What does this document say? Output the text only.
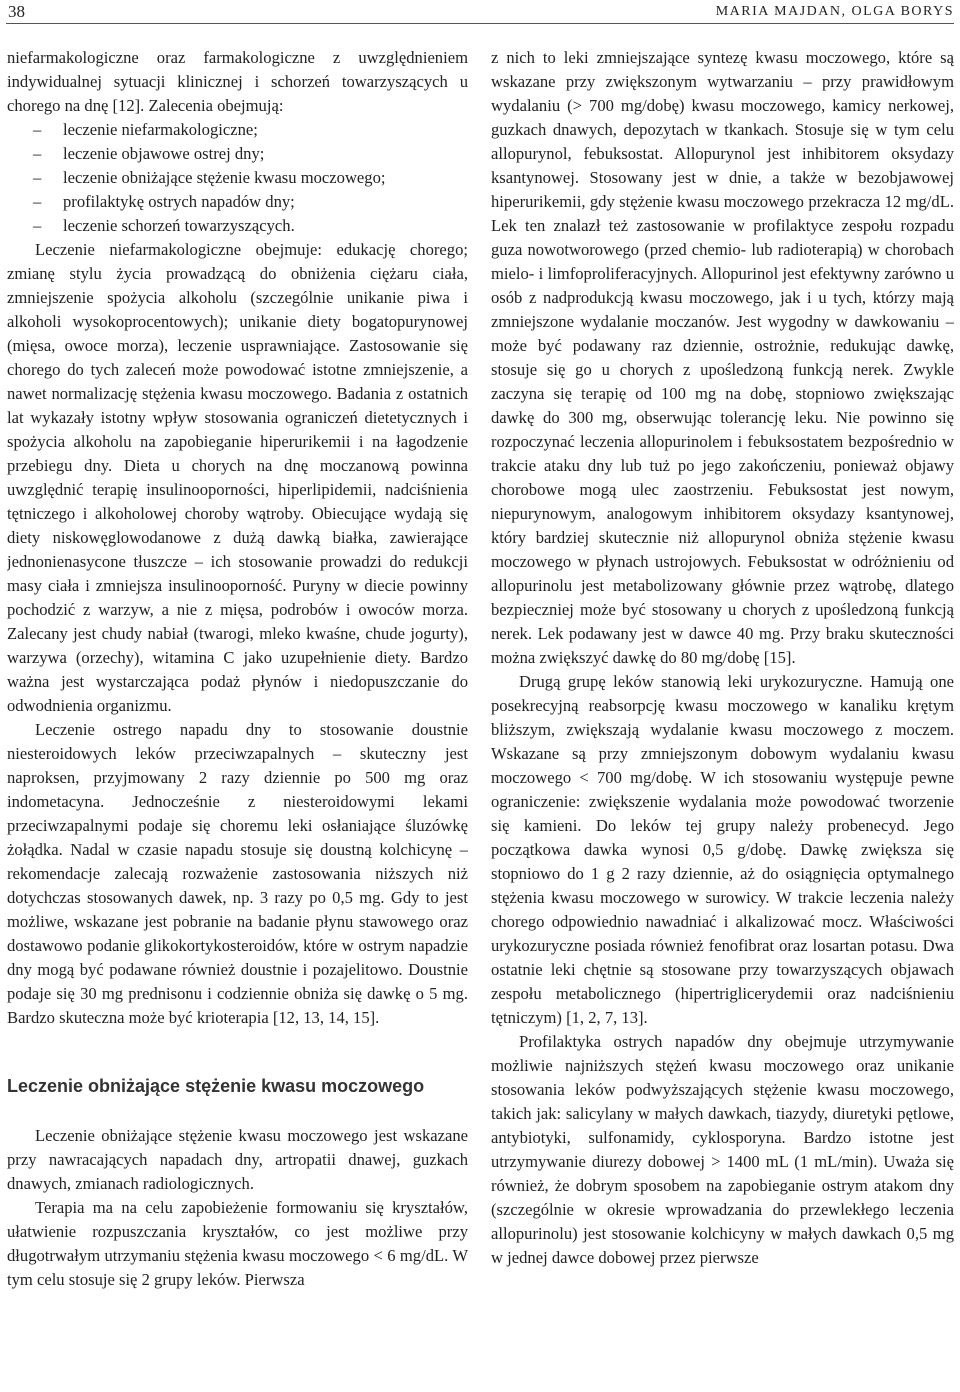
38	MARIA MAJDAN, OLGA BORYS

niefarmakologiczne oraz farmakologiczne z uwzględnieniem indywidualnej sytuacji klinicznej i schorzeń towarzyszących u chorego na dnę [12]. Zalecenia obejmują:

–	leczenie niefarmakologiczne;
–	leczenie objawowe ostrej dny;
–	leczenie obniżające stężenie kwasu moczowego;
–	profilaktykę ostrych napadów dny;
–	leczenie schorzeń towarzyszących.

Leczenie niefarmakologiczne obejmuje: edukację chorego; zmianę stylu życia prowadzącą do obniżenia ciężaru ciała, zmniejszenie spożycia alkoholu (szczególnie unikanie piwa i alkoholi wysokoprocentowych); unikanie diety bogatopurynowej (mięsa, owoce morza), leczenie usprawniające. Zastosowanie się chorego do tych zaleceń może powodować istotne zmniejszenie, a nawet normalizację stężenia kwasu moczowego. Badania z ostatnich lat wykazały istotny wpływ stosowania ograniczeń dietetycznych i spożycia alkoholu na zapobieganie hiperurikemii i na łagodzenie przebiegu dny. Dieta u chorych na dnę moczanową powinna uwzględnić terapię insulinooporności, hiperlipidemii, nadciśnienia tętniczego i alkoholowej choroby wątroby. Obiecujące wydają się diety niskowęglowodanowe z dużą dawką białka, zawierające jednonienasycone tłuszcze – ich stosowanie prowadzi do redukcji masy ciała i zmniejsza insulinooporność. Puryny w diecie powinny pochodzić z warzyw, a nie z mięsa, podrobów i owoców morza. Zalecany jest chudy nabiał (twarogi, mleko kwaśne, chude jogurty), warzywa (orzechy), witamina C jako uzupełnienie diety. Bardzo ważna jest wystarczająca podaż płynów i niedopuszczanie do odwodnienia organizmu.

Leczenie ostrego napadu dny to stosowanie doustnie niesteroidowych leków przeciwzapalnych – skuteczny jest naproksen, przyjmowany 2 razy dziennie po 500 mg oraz indometacyna. Jednocześnie z niesteroidowymi lekami przeciwzapalnymi podaje się choremu leki osłaniające śluzówkę żołądka. Nadal w czasie napadu stosuje się doustną kolchicynę – rekomendacje zalecają rozważenie zastosowania niższych niż dotychczas stosowanych dawek, np. 3 razy po 0,5 mg. Gdy to jest możliwe, wskazane jest pobranie na badanie płynu stawowego oraz dostawowo podanie glikokortykosteroidów, które w ostrym napadzie dny mogą być podawane również doustnie i pozajelitowo. Doustnie podaje się 30 mg prednisonu i codziennie obniża się dawkę o 5 mg. Bardzo skuteczna może być krioterapia [12, 13, 14, 15].

Leczenie obniżające stężenie kwasu moczowego

Leczenie obniżające stężenie kwasu moczowego jest wskazane przy nawracających napadach dny, artropatii dnawej, guzkach dnawych, zmianach radiologicznych.

Terapia ma na celu zapobieżenie formowaniu się kryształów, ułatwienie rozpuszczania kryształów, co jest możliwe przy długotrwałym utrzymaniu stężenia kwasu moczowego < 6 mg/dL. W tym celu stosuje się 2 grupy leków. Pierwsza

z nich to leki zmniejszające syntezę kwasu moczowego, które są wskazane przy zwiększonym wytwarzaniu – przy prawidłowym wydalaniu (> 700 mg/dobę) kwasu moczowego, kamicy nerkowej, guzkach dnawych, depozytach w tkankach. Stosuje się w tym celu allopurynol, febuksostat. Allopurynol jest inhibitorem oksydazy ksantynowej. Stosowany jest w dnie, a także w bezobjawowej hiperurikemii, gdy stężenie kwasu moczowego przekracza 12 mg/dL. Lek ten znalazł też zastosowanie w profilaktyce zespołu rozpadu guza nowotworowego (przed chemio- lub radioterapią) w chorobach mielo- i limfoproliferacyjnych. Allopurinol jest efektywny zarówno u osób z nadprodukcją kwasu moczowego, jak i u tych, którzy mają zmniejszone wydalanie moczanów. Jest wygodny w dawkowaniu – może być podawany raz dziennie, ostrożnie, redukując dawkę, stosuje się go u chorych z upośledzoną funkcją nerek. Zwykle zaczyna się terapię od 100 mg na dobę, stopniowo zwiększając dawkę do 300 mg, obserwując tolerancję leku. Nie powinno się rozpoczynać leczenia allopurinolem i febuksostatem bezpośrednio w trakcie ataku dny lub tuż po jego zakończeniu, ponieważ objawy chorobowe mogą ulec zaostrzeniu. Febuksostat jest nowym, niepurynowym, analogowym inhibitorem oksydazy ksantynowej, który bardziej skutecznie niż allopurynol obniża stężenie kwasu moczowego w płynach ustrojowych. Febuksostat w odróżnieniu od allopurinolu jest metabolizowany głównie przez wątrobę, dlatego bezpieczniej może być stosowany u chorych z upośledzoną funkcją nerek. Lek podawany jest w dawce 40 mg. Przy braku skuteczności można zwiększyć dawkę do 80 mg/dobę [15].

Drugą grupę leków stanowią leki urykozuryczne. Hamują one posekrecyjną reabsorpcję kwasu moczowego w kanaliku krętym bliższym, zwiększają wydalanie kwasu moczowego z moczem. Wskazane są przy zmniejszonym dobowym wydalaniu kwasu moczowego < 700 mg/dobę. W ich stosowaniu występuje pewne ograniczenie: zwiększenie wydalania może powodować tworzenie się kamieni. Do leków tej grupy należy probenecyd. Jego początkowa dawka wynosi 0,5 g/dobę. Dawkę zwiększa się stopniowo do 1 g 2 razy dziennie, aż do osiągnięcia optymalnego stężenia kwasu moczowego w surowicy. W trakcie leczenia należy chorego odpowiednio nawadniać i alkalizować mocz. Właściwości urykozuryczne posiada również fenofibrat oraz losartan potasu. Dwa ostatnie leki chętnie są stosowane przy towarzyszących objawach zespołu metabolicznego (hipertriglicerydemii oraz nadciśnieniu tętniczym) [1, 2, 7, 13].

Profilaktyka ostrych napadów dny obejmuje utrzymywanie możliwie najniższych stężeń kwasu moczowego oraz unikanie stosowania leków podwyższających stężenie kwasu moczowego, takich jak: salicylany w małych dawkach, tiazydy, diuretyki pętlowe, antybiotyki, sulfonamidy, cyklosporyna. Bardzo istotne jest utrzymywanie diurezy dobowej > 1400 mL (1 mL/min). Uważa się również, że dobrym sposobem na zapobieganie ostrym atakom dny (szczególnie w okresie wprowadzania do przewlekłego leczenia allopurinolu) jest stosowanie kolchicyny w małych dawkach 0,5 mg w jednej dawce dobowej przez pierwsze
